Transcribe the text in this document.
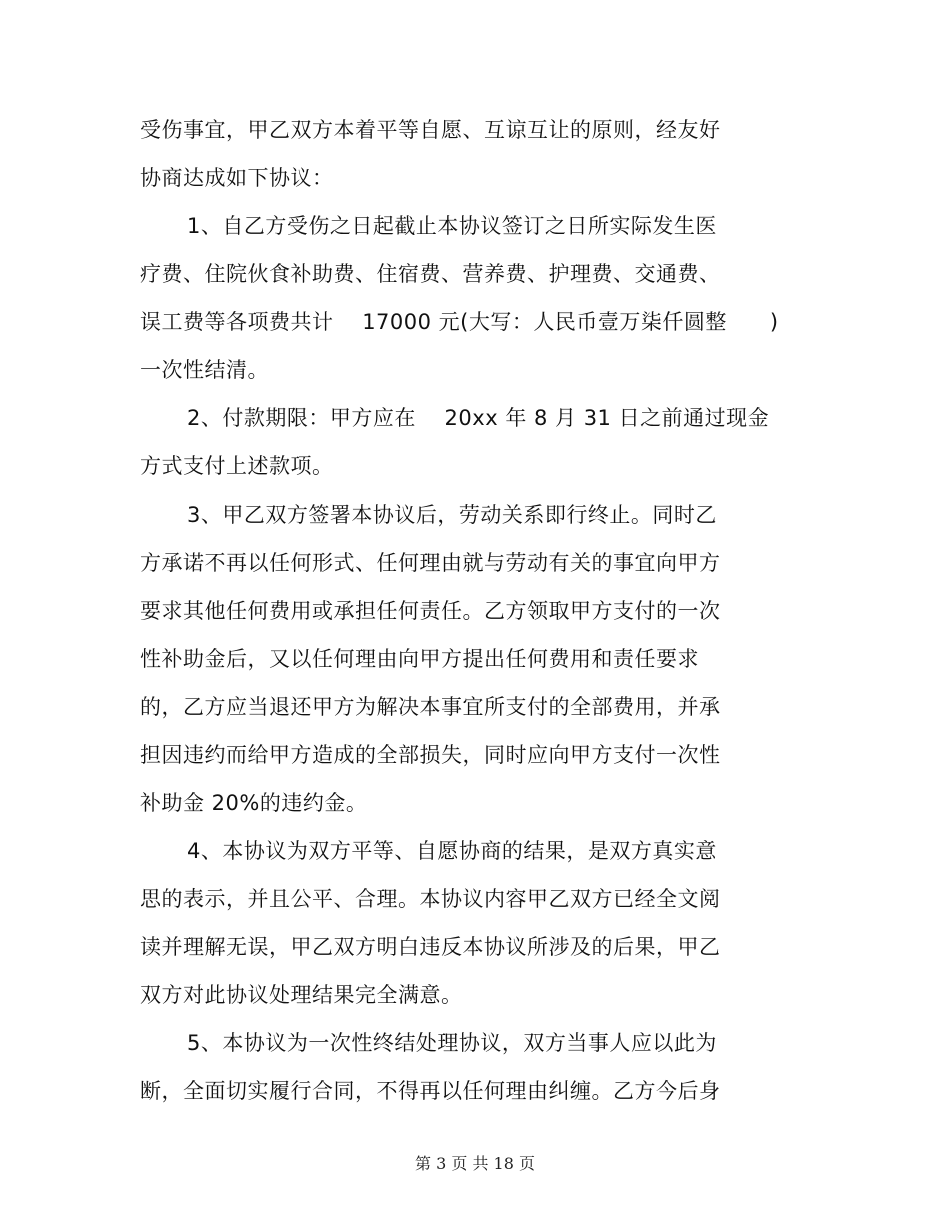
受伤事宜，甲乙双方本着平等自愿、互谅互让的原则，经友好
协商达成如下协议：
1、自乙方受伤之日起截止本协议签订之日所实际发生医
疗费、住院伙食补助费、住宿费、营养费、护理费、交通费、
误工费等各项费共计    17000 元(大写：人民币壹万柒仟圆整      )
一次性结清。
2、付款期限：甲方应在    20xx 年 8 月 31 日之前通过现金
方式支付上述款项。
3、甲乙双方签署本协议后，劳动关系即行终止。同时乙
方承诺不再以任何形式、任何理由就与劳动有关的事宜向甲方
要求其他任何费用或承担任何责任。乙方领取甲方支付的一次
性补助金后，又以任何理由向甲方提出任何费用和责任要求
的，乙方应当退还甲方为解决本事宜所支付的全部费用，并承
担因违约而给甲方造成的全部损失，同时应向甲方支付一次性
补助金 20%的违约金。
4、本协议为双方平等、自愿协商的结果，是双方真实意
思的表示，并且公平、合理。本协议内容甲乙双方已经全文阅
读并理解无误，甲乙双方明白违反本协议所涉及的后果，甲乙
双方对此协议处理结果完全满意。
5、本协议为一次性终结处理协议，双方当事人应以此为
断，全面切实履行合同，不得再以任何理由纠缠。乙方今后身
第 3 页 共 18 页
